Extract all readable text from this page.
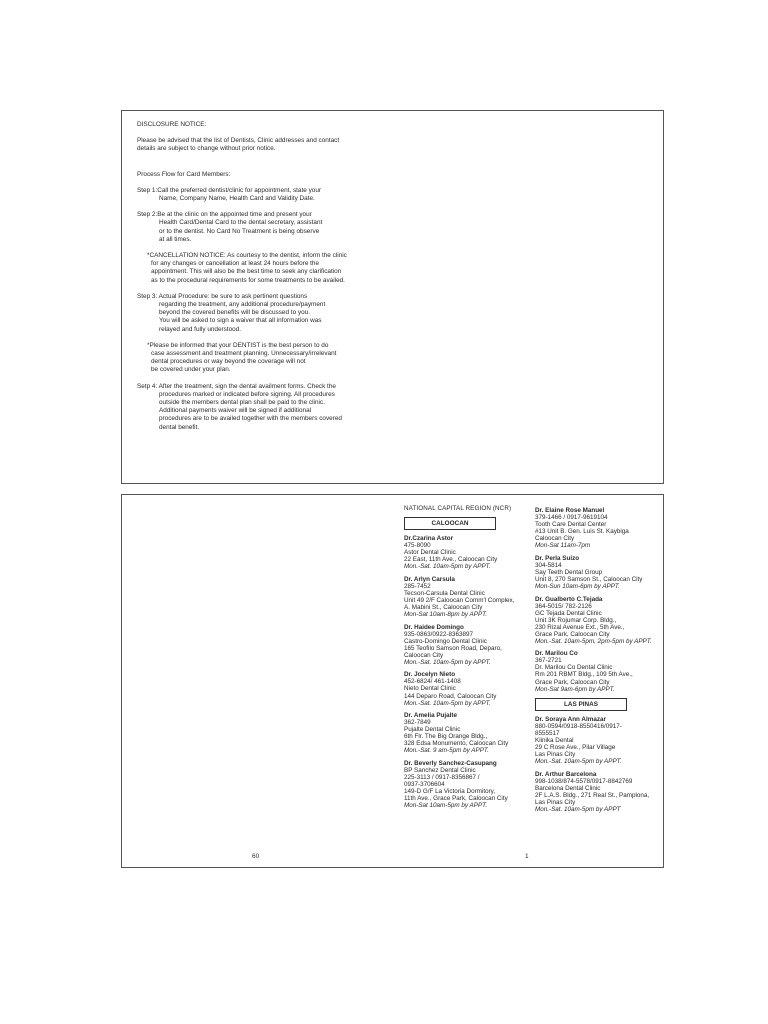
DISCLOSURE NOTICE:

Please be advised that the list of Dentists, Clinic addresses and contact

details are subject to change without prior notice.

Process Flow for Card Members:

Step 1:Call the preferred dentist/clinic for appointment, state your

Name, Company Name, Health Card and Validity Date.

Step 2:Be at the clinic on the appointed time and present your

Health Card/Dental Card to the dental secretary, assistant

or to the dentist. No Card No Treatment is being observe

at all times.

*CANCELLATION NOTICE: As courtesy to the dentist, inform the clinic

for any changes or cancellation at least 24 hours before the

appointment. This will also be the best time to seek any clarification

as to the procedural requirements for some treatments to be availed.

Step 3: Actual Procedure: be sure to ask pertinent questions

regarding the treatment, any additional procedure/payment

beyond the covered benefits will be discussed to you.

You will be asked to sign a waiver that all information was

relayed and fully understood.

*Please be informed that your DENTIST is the best person to do

case assessment and treatment planning. Unnecessary/irrelevant

dental procedures or way beyond the coverage will not

be covered under your plan.

Setp 4: After the treatment, sign the dental availment forms. Check the

procedures marked or indicated before signing. All procedures

outside the members dental plan shall be paid to the clinic.

Additional payments waiver will be signed if additional

procedures are to be availed together with the members covered

dental benefit.

60	1
NATIONAL CAPITAL REGION (NCR)
CALOOCAN
Dr.Czarina Astor
475-8090
Astor Dental Clinic
22 East, 11th Ave., Caloocan City
Mon.-Sat. 10am-5pm by APPT.
Dr. Arlyn Carsula
285-7452
Tecson-Carsula Dental Clinic
Unit 49 2/F Caloocan Comm'l Complex,
A. Mabini St., Caloocan City
Mon-Sat 10am-8pm by APPT.
Dr. Haidee Domingo
935-0863/0922-8363897
Castro-Domingo Dental Clinic
165 Teofilo Samson Road, Deparo,
Caloocan City
Mon.-Sat. 10am-5pm by APPT.
Dr. Jocelyn Nieto
452-6824/ 461-1408
Nieto Dental Clinic
144 Deparo Road, Caloocan City
Mon.-Sat. 10am-5pm by APPT.
Dr. Amelia Pujalte
362-7849
Pujalte Dental Clinic
6th Flr. The Big Orange Bldg.,
328 Edsa Monumento, Caloocan City
Mon.-Sat. 9 am-5pm by APPT.
Dr. Beverly Sanchez-Casupang
BP Sanchez Dental Clinic
225-3113 / 0917-8356867 /
0937-3706604
149-D G/F La Victoria Dormitory,
11th Ave., Grace Park, Caloocan City
Mon-Sat 10am-5pm by APPT.
Dr. Elaine Rose Manuel
379-1466 / 0917-9619104
Tooth Care Dental Center
#13 Unit B. Gen. Luis St. Kaybiga
Caloocan City
Mon-Sat 11am-7pm
Dr. Perla Suizo
304-5814
Say Teeth Dental Group
Unit 8, 270 Samson St., Caloocan City
Mon-Sun 10am-6pm by APPT.
Dr. Gualberto C.Tejada
364-5015/ 782-2126
GC Tejada Dental Clinic
Unit 3K Rojumar Corp. Bldg.,
230 Rizal Avenue Ext., 5th Ave.,
Grace Park, Caloocan City
Mon.-Sat. 10am-5pm, 2pm-5pm by APPT.
Dr. Marilou Co
367-2721
Dr. Marilou Co Dental Clinic
Rm 201 RBMT Bldg., 109 5th Ave.,
Grace Park, Caloocan City
Mon-Sat 9am-6pm by APPT.
LAS PINAS
Dr. Soraya Ann Almazar
880-0594/0918-8550416/0917-
8555517
Klinika Dental
29 C Rose Ave., Pilar Village
Las Pinas City
Mon.-Sat. 10am-5pm by APPT.
Dr. Arthur Barcelona
998-1038/874-5578/0917-8842769
Barcelona Dental Clinic
2F L.A.S. Bldg., 271 Real St., Pamplona,
Las Pinas City
Mon.-Sat. 10am-5pm by APPT
